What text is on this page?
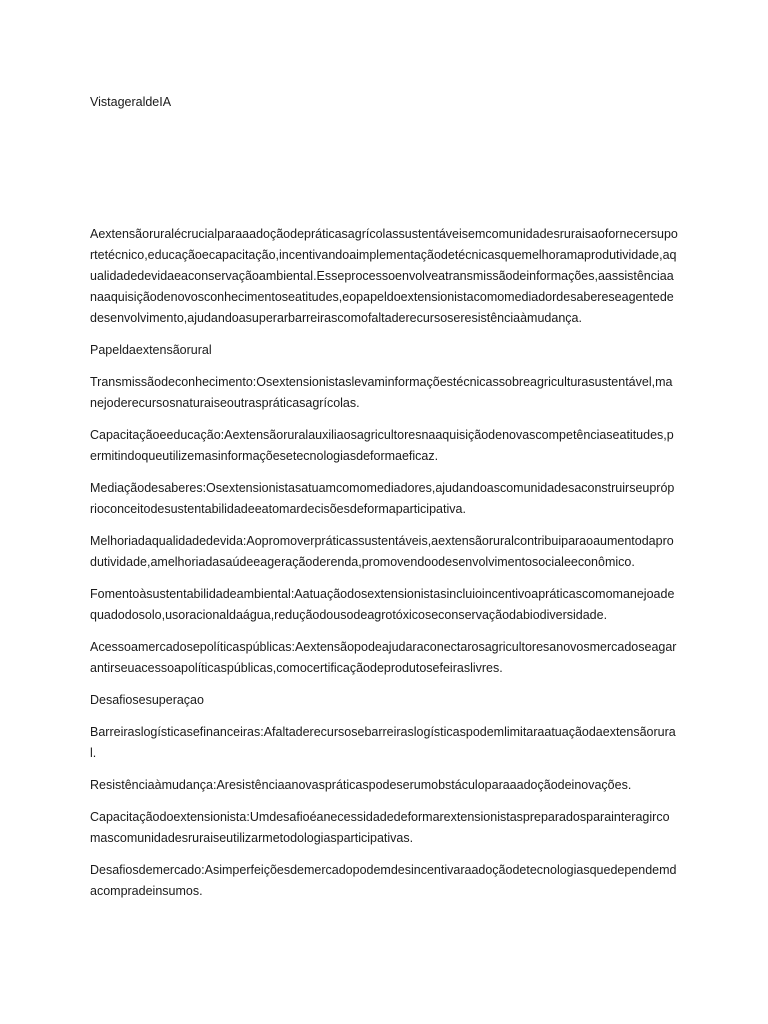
VistageraldeIA

Aextensãoruralécrucialparaaadoçãodepráticasagrícolassustentáveisemcomunidadesruraisaofornecersuportetécnico,educaçãoecapacitação,incentivandoaimplementaçãodetécnicasquemelhoramaprodutividade,aqualidadedevidaeaconservaçãoambiental.Esseprocessoenvolveatransmissãodeinformações,aassistênciaanaaquisiçãodenovosconhecimentoseatitudes,eopapeldoextensionistacomomediadordesabereseagentededesenvolvimento,ajudandoasuperarbarreirascomofaltaderecursoseresistênciaàmudança.

Papeldaextensãorural

Transmissãodeconhecimento:Osextensionistaslevaminformaçõestécnicassobreagriculturasustentável,manejoderecursosnaturaiseoutraspráticasagrícolas.

Capacitaçãoeeducação:Aextensãoruralauxiliaosagricultoresnaaquisiçãodenovascompetênciaseatitudes,permitindoqueutilizemasinformaçõesetecnologiasdeformaeficaz.

Mediaçãodesaberes:Osextensionistasatuamcomomediadores,ajudandoascomunidadesaconstruirseupróprioconceitodesustentabilidadeeatomardecisõesdeformaparticipativa.

Melhoriadaqualidadedevida:Aopromoverpráticassustentáveis,aextensãoruralcontribuiparaoaumentodaprodutividade,amelhoriadasaúdeeageraçãoderenda,promovendoodesenvolvimentosocialeeconômico.

Fomentoàsustentabilidadeambiental:Aatuaçãodosextensionistasincluioincentivoapráticascomomanejoadequadodosolo,usoracionaldaágua,reduçãodousodeagrotóxicoseconservaçãodabiodiversidade.

Acessoamercadosepolíticaspúblicas:Aextensãopodeajudaraconectarosagricultoresanovosmercadoseagarantirseuacessoapolíticaspúblicas,comocertificaçãodeprodutosefeiraslivres.

Desafiosesuperaçao

Barreiraslogísticasefinanceiras:Afaltaderecursosebarreiraslogísticaspodemlimitaraatuaçãodaextensãorural.

Resistênciaàmudança:Aresistênciaanovaspráticaspodeserumobstáculoparaaadoçãodeinovações.

Capacitaçãodoextensionista:Umdesafioéanecessidadedeformarextensionistaspreparadosparainteragircomascomunidadesruraiseutilizarmetodologiasparticipativas.

Desafiosdemercado:Asimperfeiçõesdemercadopodemdesincentivaraadoçãodetecnologiasquedependemdacompradeinsumos.
